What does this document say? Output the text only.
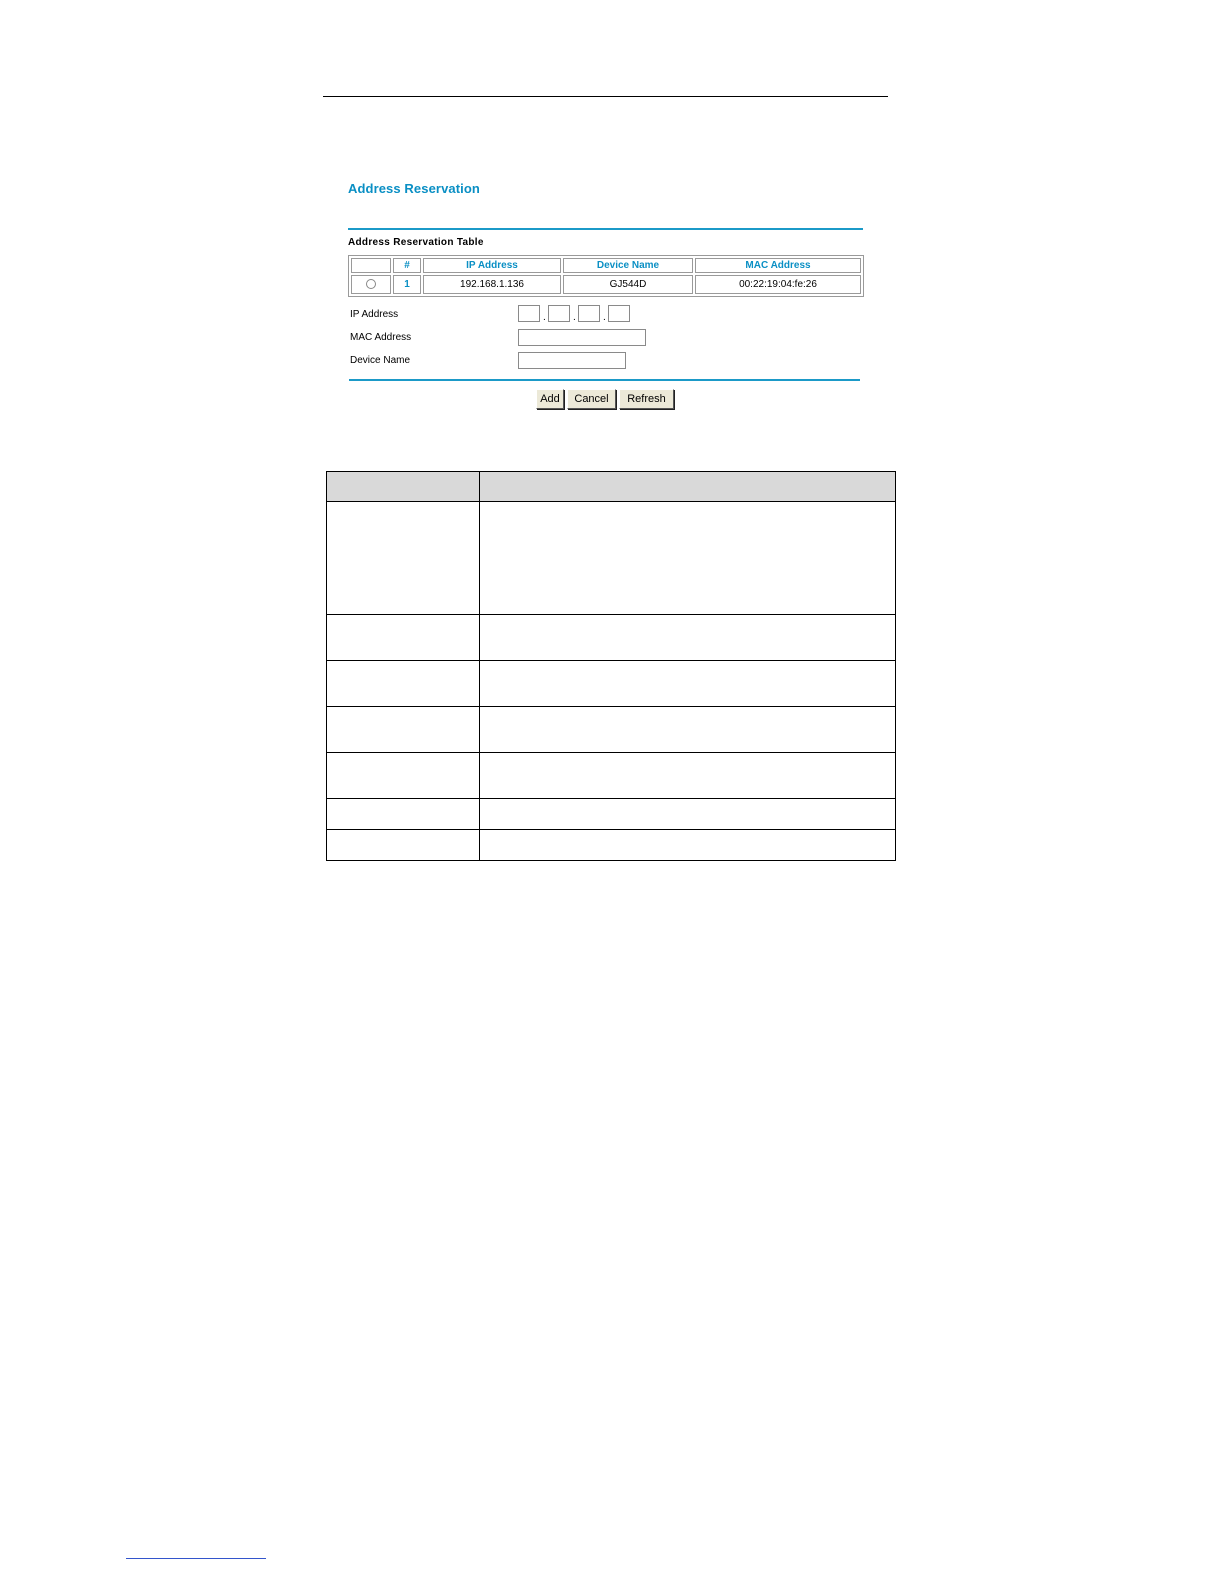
Address Reservation
Address Reservation Table
	#	IP Address	Device Name	MAC Address
	1	192.168.1.136	GJ544D	00:22:19:04:fe:26
IP Address	.	.	.
MAC Address
Device Name
Add	Cancel	Refresh
